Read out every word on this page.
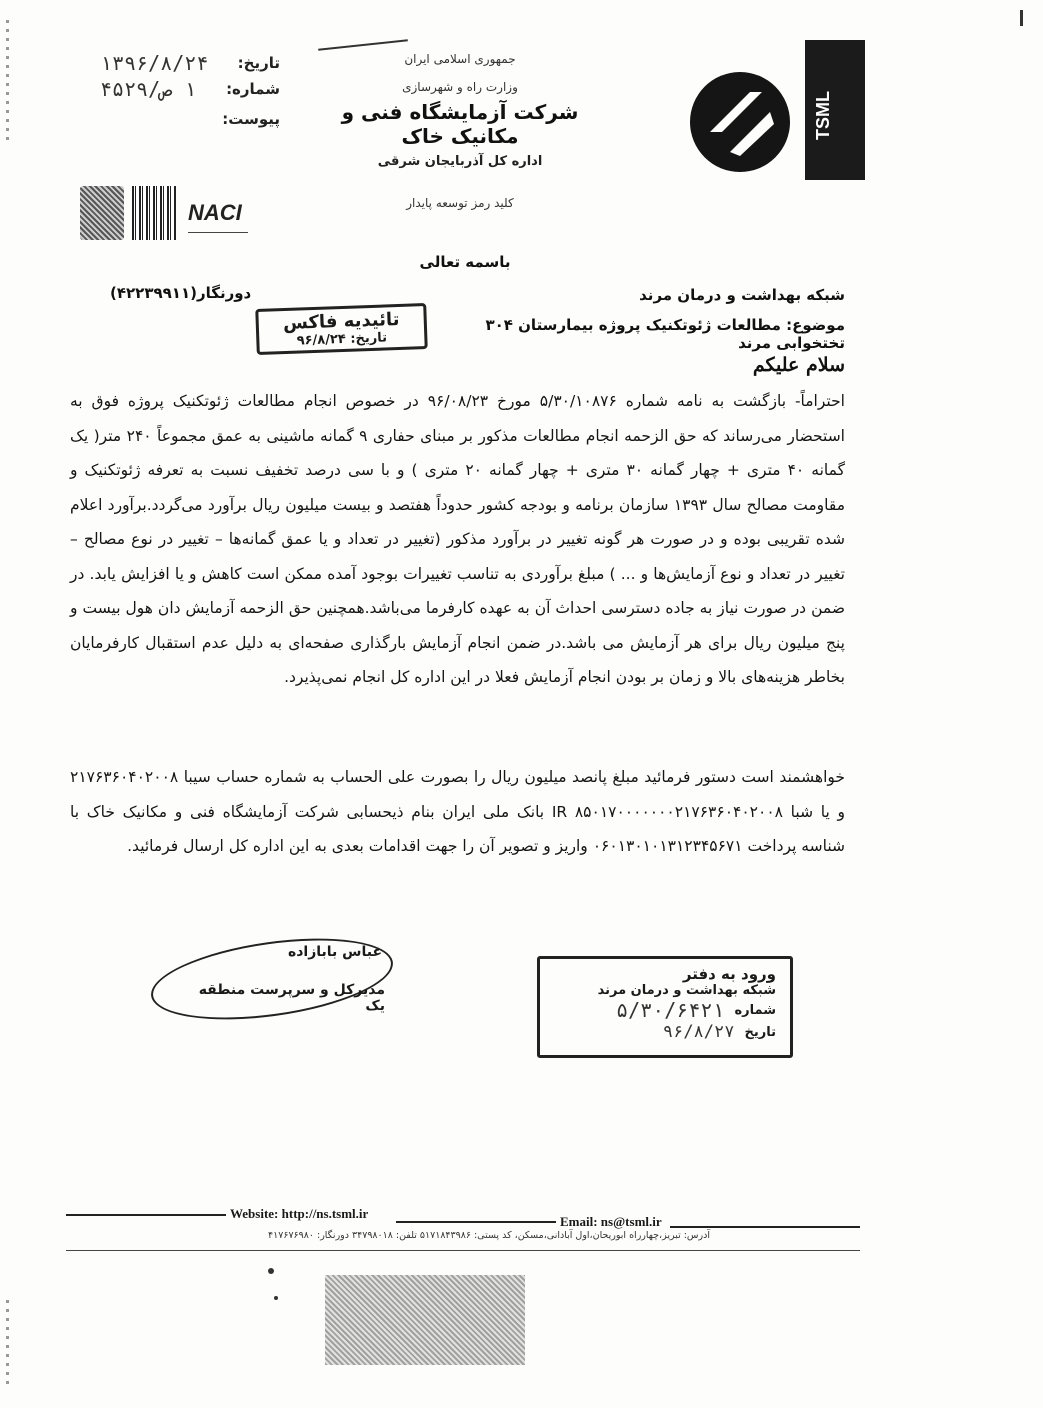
تاریخ:
۱۳۹۶/۸/۲۴
شماره:
۱ ص/۴۵۲۹
پیوست:
جمهوری اسلامی ایران
وزارت راه و شهرسازی
شرکت آزمایشگاه فنی و مکانیک خاک
اداره کل آذربایجان شرقی
TSML
NACI	کلید رمز توسعه پایدار
باسمه تعالی
شبکه بهداشت و درمان مرند
دورنگار(۴۲۲۳۹۹۱۱)
تائیدیه فاکس
تاریخ: ۹۶/۸/۲۴
موضوع: مطالعات ژئوتکنیک پروژه بیمارستان ۳۰۴ تختخوابی مرند
سلام علیکم
احتراماً- بازگشت به نامه شماره ۵/۳۰/۱۰۸۷۶ مورخ ۹۶/۰۸/۲۳ در خصوص انجام مطالعات ژئوتکنیک پروژه فوق به استحضار می‌رساند که حق الزحمه انجام مطالعات مذکور بر مبنای حفاری ۹ گمانه ماشینی به عمق مجموعاً ۲۴۰ متر( یک گمانه ۴۰ متری + چهار گمانه ۳۰ متری + چهار گمانه ۲۰ متری ) و با سی درصد تخفیف نسبت به تعرفه ژئوتکنیک و مقاومت مصالح سال ۱۳۹۳ سازمان برنامه و بودجه کشور حدوداً هفتصد و بیست میلیون ریال برآورد می‌گردد.برآورد اعلام شده تقریبی بوده و در صورت هر گونه تغییر در برآورد مذکور (تغییر در تعداد و یا عمق گمانه‌ها – تغییر در نوع مصالح – تغییر در تعداد و نوع آزمایش‌ها و ... ) مبلغ برآوردی به تناسب تغییرات بوجود آمده ممکن است کاهش و یا افزایش یابد. در ضمن در صورت نیاز به جاده دسترسی احداث آن به عهده کارفرما می‌باشد.همچنین حق الزحمه آزمایش دان هول بیست و پنج میلیون ریال برای هر آزمایش می باشد.در ضمن انجام آزمایش بارگذاری صفحه‌ای به دلیل عدم استقبال کارفرمایان بخاطر هزینه‌های بالا و زمان بر بودن انجام آزمایش فعلا در این اداره کل انجام نمی‌پذیرد.
خواهشمند است دستور فرمائید مبلغ پانصد میلیون ریال را بصورت علی الحساب به شماره حساب سیبا ۲۱۷۶۳۶۰۴۰۲۰۰۸ و یا شبا IR ۸۵۰۱۷۰۰۰۰۰۰۰۲۱۷۶۳۶۰۴۰۲۰۰۸ بانک ملی ایران بنام ذیحسابی شرکت آزمایشگاه فنی و مکانیک خاک با شناسه پرداخت ۰۶۰۱۳۰۱۰۱۳۱۲۳۴۵۶۷۱ واریز و تصویر آن را جهت اقدامات بعدی به این اداره کل ارسال فرمائید.
عباس بابازاده
مدیرکل و سرپرست منطقه یک
ورود به دفتر
شبکه بهداشت و درمان مرند
شماره
۵/۳۰/۶۴۲۱
تاریخ
۹۶/۸/۲۷
Website: http://ns.tsml.ir
Email: ns@tsml.ir
آدرس: تبریز،چهارراه ابوریحان،اول آبادانی،مسکن، کد پستی: ۵۱۷۱۸۴۳۹۸۶ تلفن: ۳۴۷۹۸۰۱۸ دورنگار: ۴۱۷۶۷۶۹۸۰
